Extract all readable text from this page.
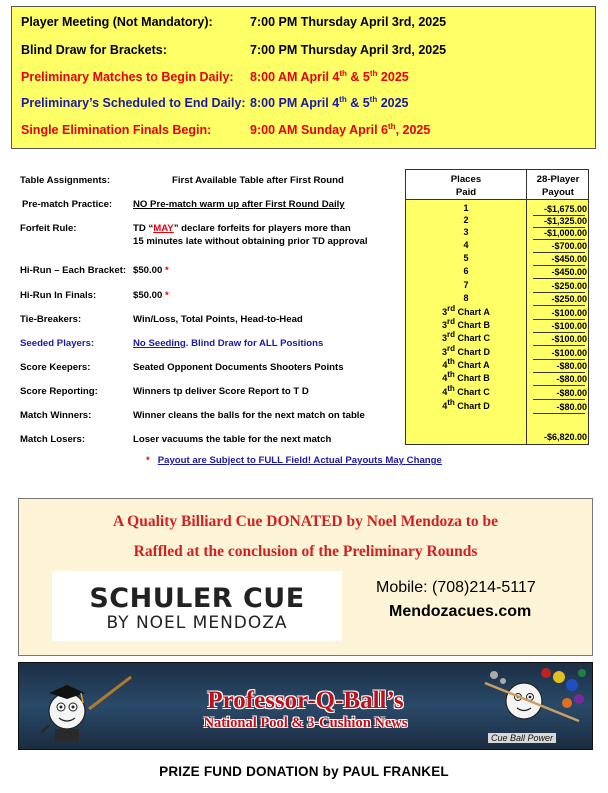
Player Meeting (Not Mandatory):	7:00 PM Thursday April 3rd, 2025
Blind Draw for Brackets:	7:00 PM Thursday April 3rd, 2025
Preliminary Matches to Begin Daily: 8:00 AM April 4th & 5th 2025
Preliminary’s Scheduled to End Daily: 8:00 PM April 4th & 5th 2025
Single Elimination Finals Begin:	9:00 AM Sunday April 6th, 2025
Table Assignments:	First Available Table after First Round
Pre-match Practice: NO Pre-match warm up after First Round Daily
Forfeit Rule:	TD “MAY” declare forfeits for players more than
15 minutes late without obtaining prior TD approval
Hi-Run – Each Bracket: $50.00 *
Hi-Run In Finals:	$50.00 *
Tie-Breakers:	Win/Loss, Total Points, Head-to-Head
Seeded Players:	No Seeding. Blind Draw for ALL Positions
Score Keepers:	Seated Opponent Documents Shooters Points
Score Reporting:	Winners tp deliver Score Report to T D
Match Winners:	Winner cleans the balls for the next match on table
Match Losers:	Loser vacuums the table for the next match
Places
Paid
28-Player
Payout
1	-$1,675.00
2	-$1,325.00
3	-$1,000.00
4	-$700.00
5	-$450.00
6	-$450.00
7	-$250.00
8	-$250.00
3rd Chart A	-$100.00
3rd Chart B	-$100.00
3rd Chart C	-$100.00
3rd Chart D	-$100.00
4th Chart A	-$80.00
4th Chart B	-$80.00
4th Chart C	-$80.00
4th Chart D	-$80.00
-$6,820.00
* Payout are Subject to FULL Field! Actual Payouts May Change
A Quality Billiard Cue DONATED by Noel Mendoza to be
Raffled at the conclusion of the Preliminary Rounds
SCHULER CUE
BY NOEL MENDOZA
Mobile: (708)214-5117
Mendozacues.com
Professor-Q-Ball’s
National Pool & 3-Cushion News
Cue Ball Power
PRIZE FUND DONATION by PAUL FRANKEL
